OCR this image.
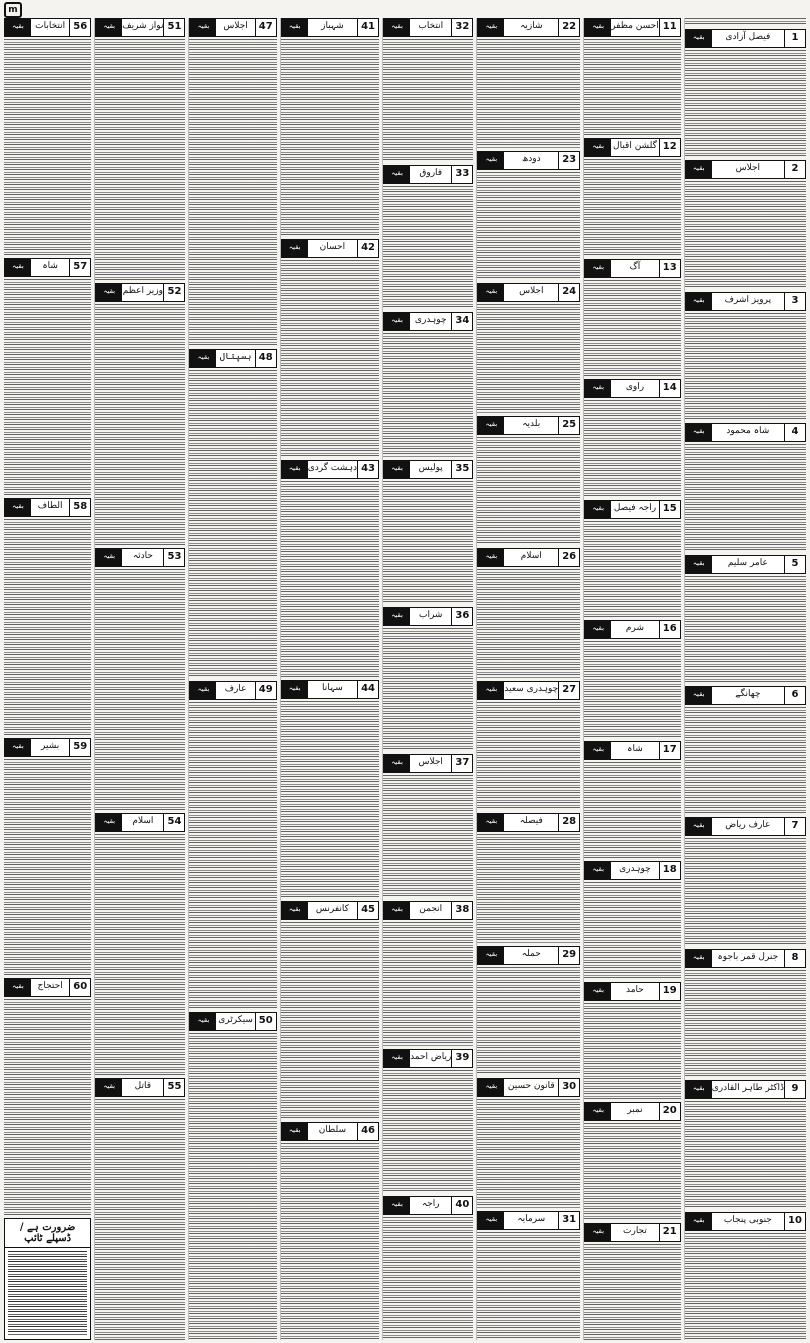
m
1
فیصل آزادی
بقیہ
2
اجلاس
بقیہ
3
پرویز اشرف
بقیہ
4
شاہ محمود
بقیہ
5
عامر سلیم
بقیہ
6
چھانگے
بقیہ
7
عارف ریاض
بقیہ
8
جنرل قمر باجوہ
بقیہ
9
ڈاکٹر طاہر القادری
بقیہ
10
جنوبی پنجاب
بقیہ
11
احسن مظفر
بقیہ
12
گلشن اقبال
بقیہ
13
آگ
بقیہ
14
راوی
بقیہ
15
راجہ فیصل
بقیہ
16
شرم
بقیہ
17
شاہ
بقیہ
18
چوہدری
بقیہ
19
حامد
بقیہ
20
نمبر
بقیہ
21
تجارت
بقیہ
22
شازیہ
بقیہ
23
دودھ
بقیہ
24
اجلاس
بقیہ
25
بلدیہ
بقیہ
26
اسلام
بقیہ
27
چوہدری سعید
بقیہ
28
فیصلہ
بقیہ
29
حملہ
بقیہ
30
قانون حسین
بقیہ
31
سرمایہ
بقیہ
32
انتخاب
بقیہ
33
فاروق
بقیہ
34
چوہدری
بقیہ
35
پولیس
بقیہ
36
شراب
بقیہ
37
اجلاس
بقیہ
38
انجمن
بقیہ
39
ریاض احمد
بقیہ
40
راجہ
بقیہ
41
شہباز
بقیہ
42
احسان
بقیہ
43
دہشت گردی
بقیہ
44
سہانا
بقیہ
45
کانفرنس
بقیہ
46
سلطان
بقیہ
47
اجلاس
بقیہ
48
ہسپتال
بقیہ
49
عارف
بقیہ
50
سیکرٹری
بقیہ
51
نواز شریف
بقیہ
52
وزیر اعظم
بقیہ
53
حادثہ
بقیہ
54
اسلام
بقیہ
55
قاتل
بقیہ
56
انتخابات
بقیہ
57
شاہ
بقیہ
58
الطاف
بقیہ
59
بشیر
بقیہ
60
احتجاج
بقیہ
ضرورت ہے / ڈسپلے ٹائپ
